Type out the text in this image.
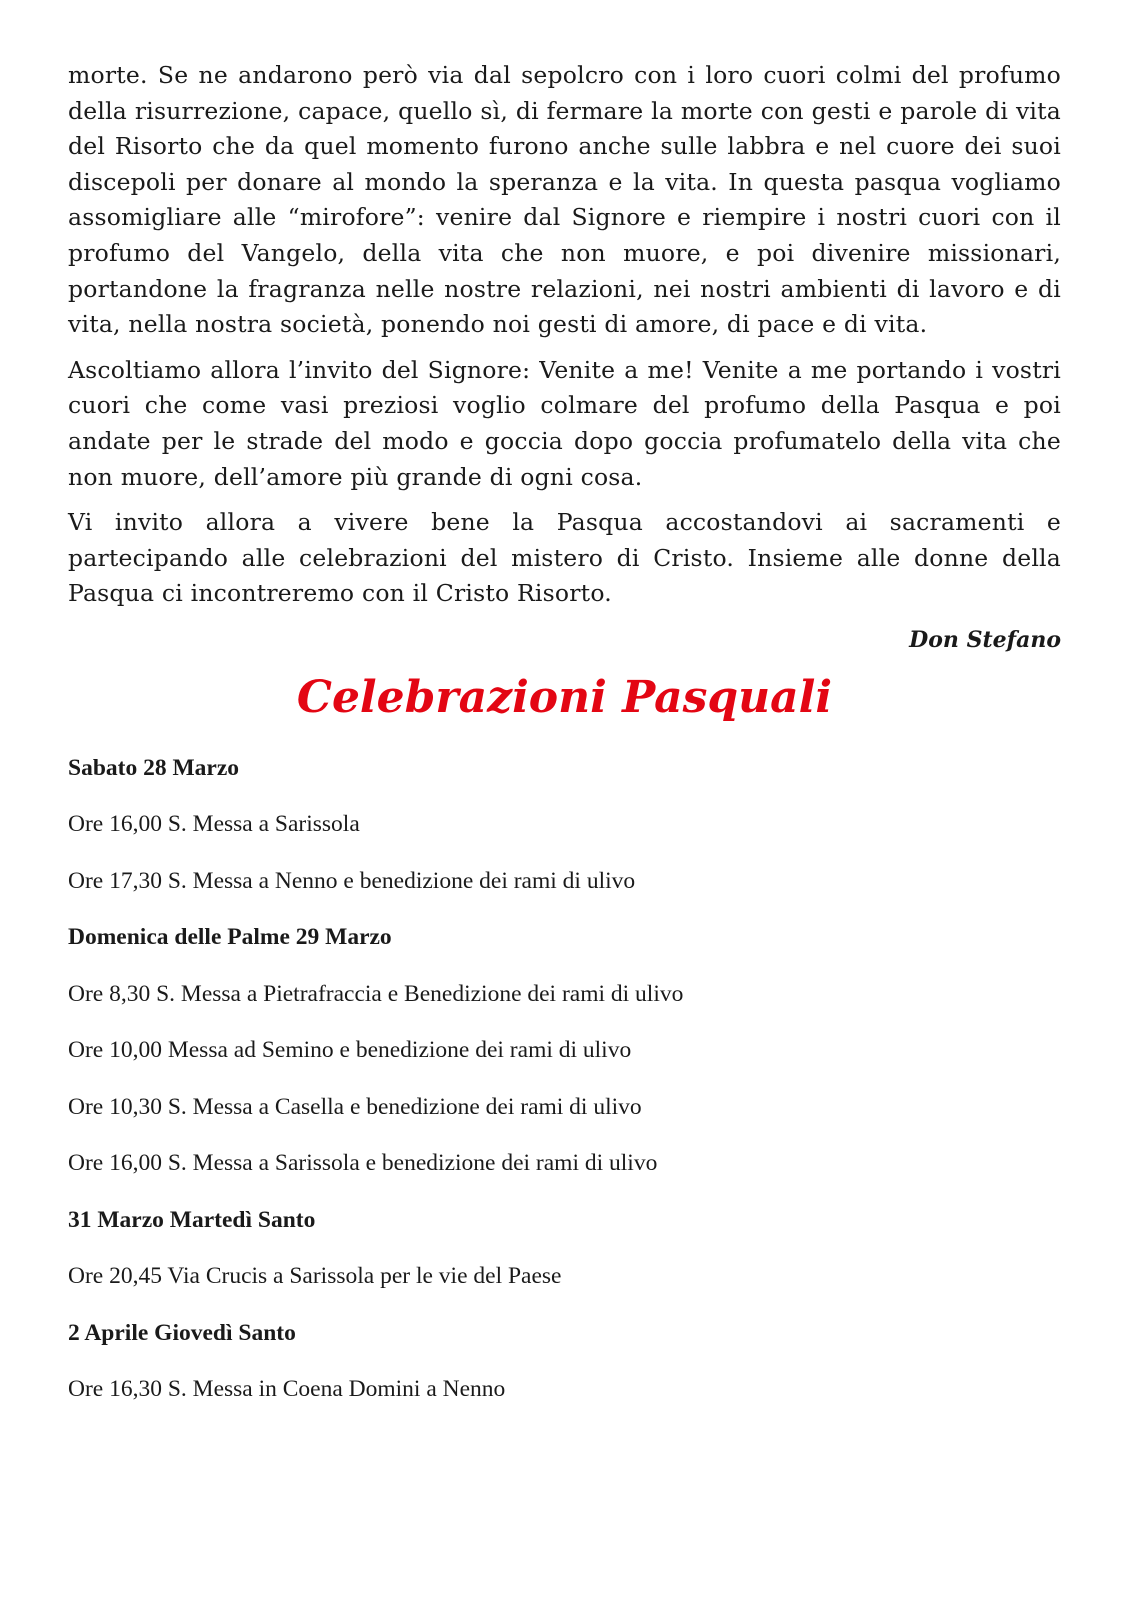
morte. Se ne andarono però via dal sepolcro con i loro cuori colmi del profumo della risurrezione, capace, quello sì, di fermare la morte con gesti e parole di vita del Risorto che da quel momento furono anche sulle labbra e nel cuore dei suoi discepoli per donare al mondo la speranza e la vita. In questa pasqua vogliamo assomigliare alle “mirofore”: venire dal Signore e riempire i nostri cuori con il profumo del Vangelo, della vita che non muore, e poi divenire missionari, portandone la fragranza nelle nostre relazioni, nei nostri ambienti di lavoro e di vita, nella nostra società, ponendo noi gesti di amore, di pace e di vita.

Ascoltiamo allora l’invito del Signore: Venite a me! Venite a me portando i vostri cuori che come vasi preziosi voglio colmare del profumo della Pasqua e poi andate per le strade del modo e goccia dopo goccia profumatelo della vita che non muore, dell’amore più grande di ogni cosa.

Vi invito allora a vivere bene la Pasqua accostandovi ai sacramenti e partecipando alle celebrazioni del mistero di Cristo. Insieme alle donne della Pasqua ci incontreremo con il Cristo Risorto.

Don Stefano
Celebrazioni Pasquali
Sabato 28 Marzo
Ore 16,00 S. Messa a Sarissola
Ore 17,30 S. Messa a Nenno e benedizione dei rami di ulivo
Domenica delle Palme 29 Marzo
Ore 8,30 S. Messa a Pietrafraccia e Benedizione dei rami di ulivo
Ore 10,00 Messa ad Semino e benedizione dei rami di ulivo
Ore 10,30 S. Messa a Casella e benedizione dei rami di ulivo
Ore 16,00 S. Messa a Sarissola e benedizione dei rami di ulivo
31 Marzo Martedì Santo
Ore 20,45 Via Crucis a Sarissola per le vie del Paese
2 Aprile Giovedì Santo
Ore 16,30 S. Messa in Coena Domini a Nenno
